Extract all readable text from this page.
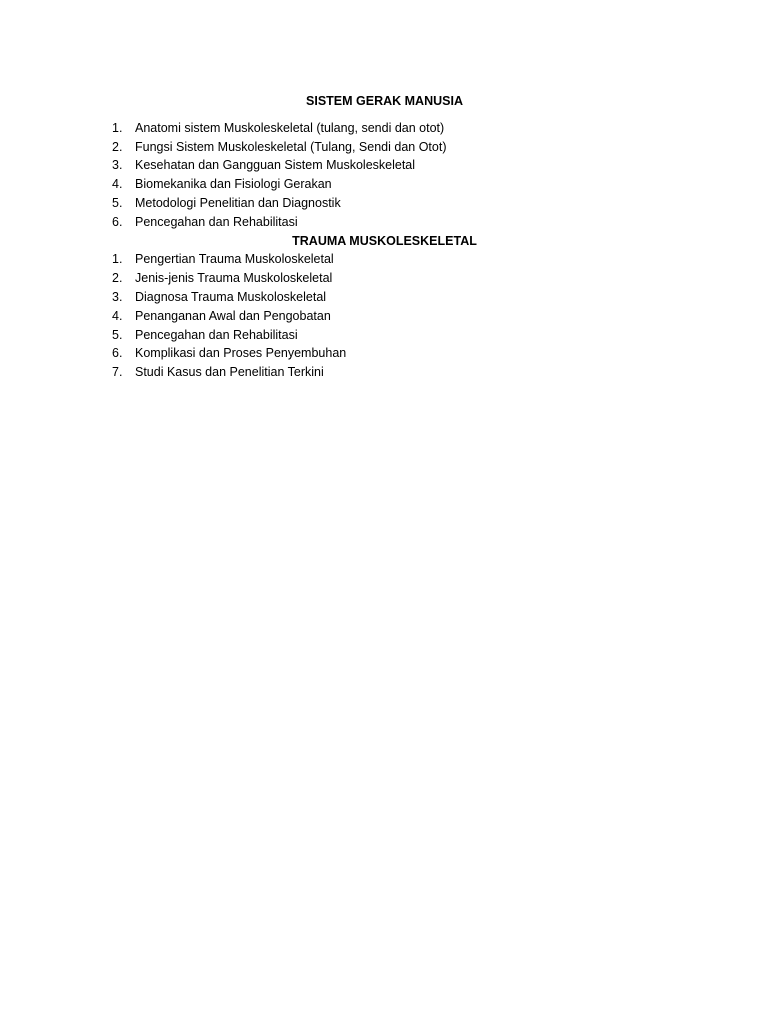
SISTEM GERAK MANUSIA
1.	Anatomi sistem Muskoleskeletal (tulang, sendi dan otot)
2.	Fungsi Sistem Muskoleskeletal (Tulang, Sendi dan Otot)
3.	Kesehatan dan Gangguan Sistem Muskoleskeletal
4.	Biomekanika dan Fisiologi Gerakan
5.	Metodologi Penelitian dan Diagnostik
6.	Pencegahan dan Rehabilitasi
TRAUMA MUSKOLESKELETAL
1.	Pengertian Trauma Muskoloskeletal
2.	Jenis-jenis Trauma Muskoloskeletal
3.	Diagnosa Trauma Muskoloskeletal
4.	Penanganan Awal dan Pengobatan
5.	Pencegahan dan Rehabilitasi
6.	Komplikasi dan Proses Penyembuhan
7.	Studi Kasus dan Penelitian Terkini
